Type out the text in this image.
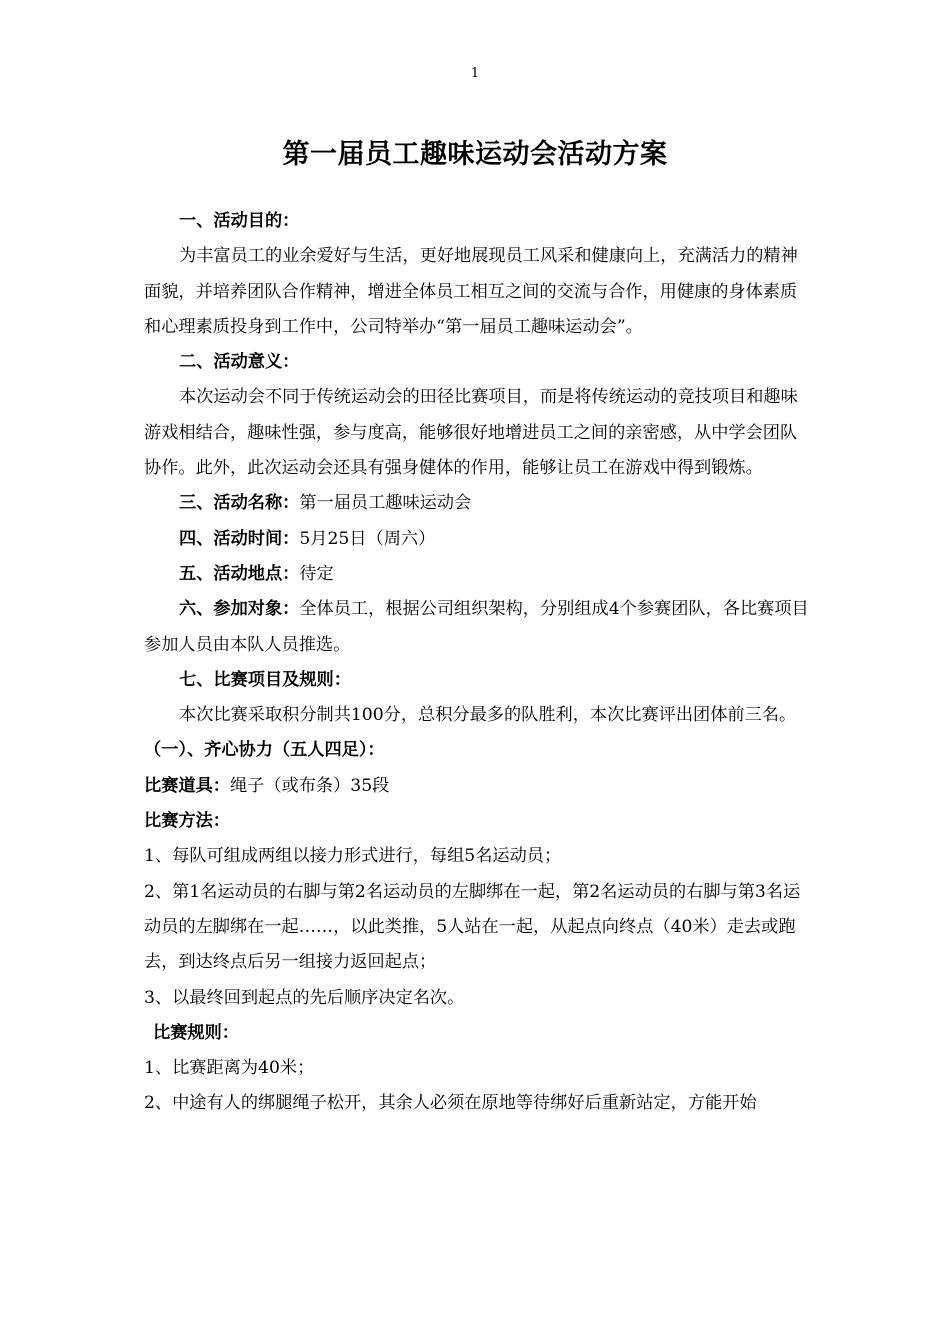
1
第一届员工趣味运动会活动方案

一、活动目的：

为丰富员工的业余爱好与生活，更好地展现员工风采和健康向上，充满活力的精神面貌，并培养团队合作精神，增进全体员工相互之间的交流与合作，用健康的身体素质和心理素质投身到工作中，公司特举办“第一届员工趣味运动会”。

二、活动意义：

本次运动会不同于传统运动会的田径比赛项目，而是将传统运动的竞技项目和趣味游戏相结合，趣味性强，参与度高，能够很好地增进员工之间的亲密感，从中学会团队协作。此外，此次运动会还具有强身健体的作用，能够让员工在游戏中得到锻炼。

三、活动名称：第一届员工趣味运动会

四、活动时间：5月25日（周六）

五、活动地点：待定

六、参加对象：全体员工，根据公司组织架构，分别组成4个参赛团队，各比赛项目参加人员由本队人员推选。

七、比赛项目及规则：

本次比赛采取积分制共100分，总积分最多的队胜利，本次比赛评出团体前三名。

（一）、齐心协力（五人四足）：

比赛道具：绳子（或布条）35段

比赛方法：

1、每队可组成两组以接力形式进行，每组5名运动员；

2、第1名运动员的右脚与第2名运动员的左脚绑在一起，第2名运动员的右脚与第3名运动员的左脚绑在一起……，以此类推，5人站在一起，从起点向终点（40米）走去或跑去，到达终点后另一组接力返回起点；

3、以最终回到起点的先后顺序决定名次。

比赛规则：

1、比赛距离为40米；

2、中途有人的绑腿绳子松开，其余人必须在原地等待绑好后重新站定，方能开始
